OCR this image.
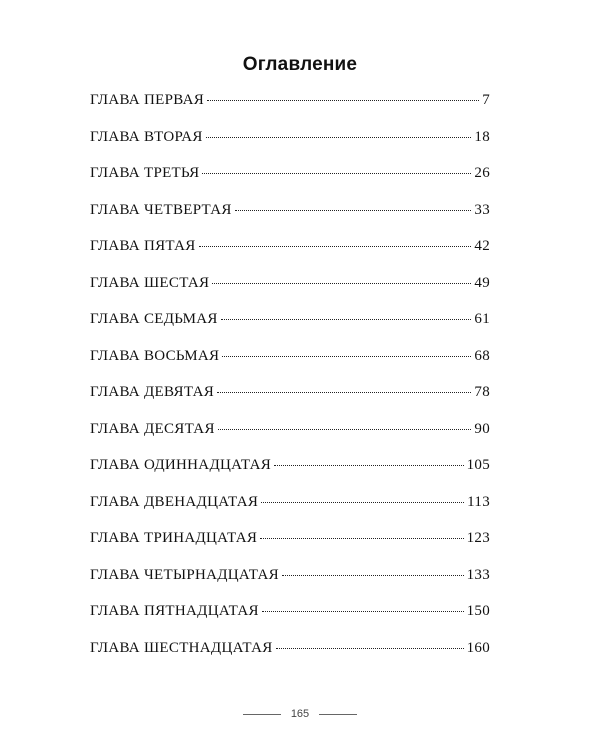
Оглавление
ГЛАВА ПЕРВАЯ	7
ГЛАВА ВТОРАЯ	18
ГЛАВА ТРЕТЬЯ	26
ГЛАВА ЧЕТВЕРТАЯ	33
ГЛАВА ПЯТАЯ	42
ГЛАВА ШЕСТАЯ	49
ГЛАВА СЕДЬМАЯ	61
ГЛАВА ВОСЬМАЯ	68
ГЛАВА ДЕВЯТАЯ	78
ГЛАВА ДЕСЯТАЯ	90
ГЛАВА ОДИННАДЦАТАЯ	105
ГЛАВА ДВЕНАДЦАТАЯ	113
ГЛАВА ТРИНАДЦАТАЯ	123
ГЛАВА ЧЕТЫРНАДЦАТАЯ	133
ГЛАВА ПЯТНАДЦАТАЯ	150
ГЛАВА ШЕСТНАДЦАТАЯ	160
165
